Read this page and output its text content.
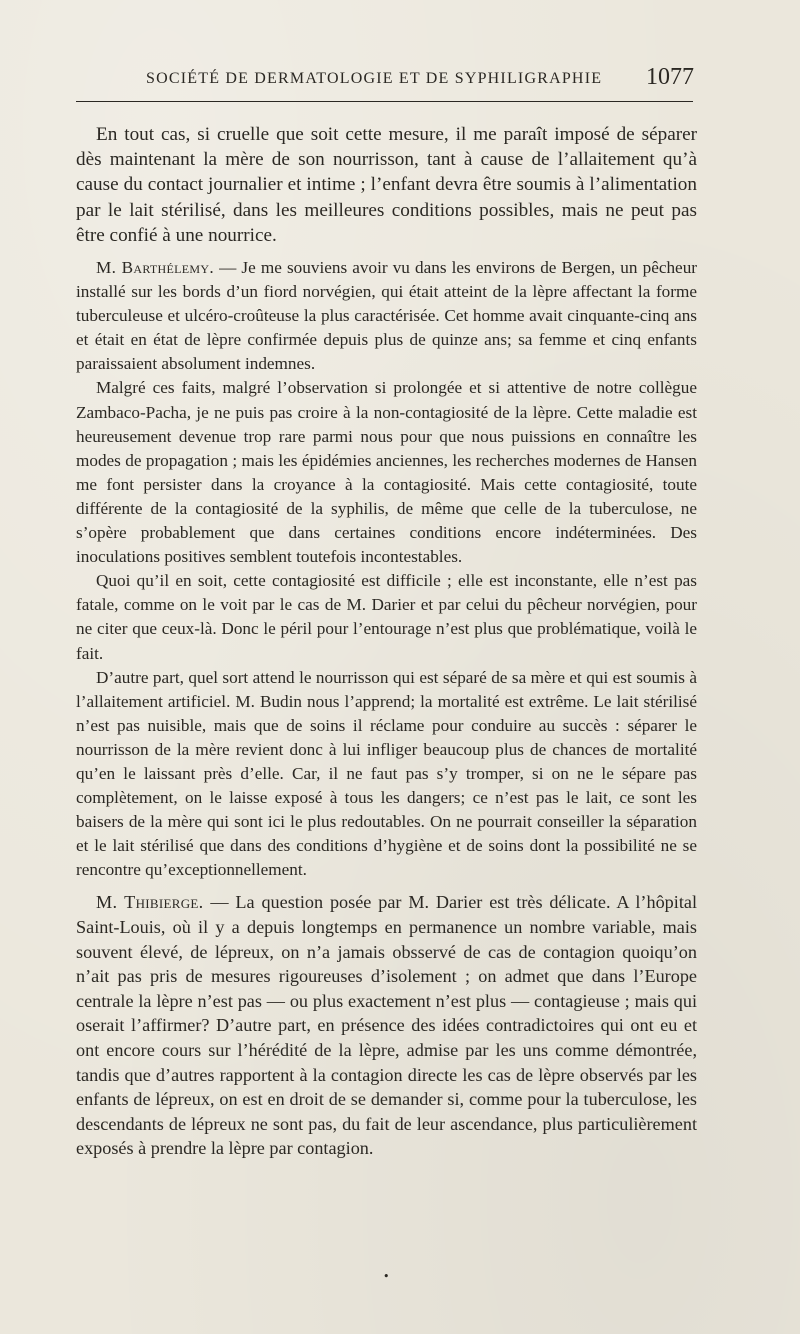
SOCIÉTÉ DE DERMATOLOGIE ET DE SYPHILIGRAPHIE 1077

En tout cas, si cruelle que soit cette mesure, il me paraît imposé de séparer dès maintenant la mère de son nourrisson, tant à cause de l’allaitement qu’à cause du contact journalier et intime ; l’enfant devra être soumis à l’alimentation par le lait stérilisé, dans les meilleures conditions possibles, mais ne peut pas être confié à une nourrice.

M. Barthélemy. — Je me souviens avoir vu dans les environs de Bergen, un pêcheur installé sur les bords d’un fiord norvégien, qui était atteint de la lèpre affectant la forme tuberculeuse et ulcéro-croûteuse la plus caractérisée. Cet homme avait cinquante-cinq ans et était en état de lèpre confirmée depuis plus de quinze ans; sa femme et cinq enfants paraissaient absolument indemnes.

Malgré ces faits, malgré l’observation si prolongée et si attentive de notre collègue Zambaco-Pacha, je ne puis pas croire à la non-contagiosité de la lèpre. Cette maladie est heureusement devenue trop rare parmi nous pour que nous puissions en connaître les modes de propagation ; mais les épidémies anciennes, les recherches modernes de Hansen me font persister dans la croyance à la contagiosité. Mais cette contagiosité, toute différente de la contagiosité de la syphilis, de même que celle de la tuberculose, ne s’opère probablement que dans certaines conditions encore indéterminées. Des inoculations positives semblent toutefois incontestables.

Quoi qu’il en soit, cette contagiosité est difficile ; elle est inconstante, elle n’est pas fatale, comme on le voit par le cas de M. Darier et par celui du pêcheur norvégien, pour ne citer que ceux-là. Donc le péril pour l’entourage n’est plus que problématique, voilà le fait.

D’autre part, quel sort attend le nourrisson qui est séparé de sa mère et qui est soumis à l’allaitement artificiel. M. Budin nous l’apprend; la mortalité est extrême. Le lait stérilisé n’est pas nuisible, mais que de soins il réclame pour conduire au succès : séparer le nourrisson de la mère revient donc à lui infliger beaucoup plus de chances de mortalité qu’en le laissant près d’elle. Car, il ne faut pas s’y tromper, si on ne le sépare pas complètement, on le laisse exposé à tous les dangers; ce n’est pas le lait, ce sont les baisers de la mère qui sont ici le plus redoutables. On ne pourrait conseiller la séparation et le lait stérilisé que dans des conditions d’hygiène et de soins dont la possibilité ne se rencontre qu’exceptionnellement.

M. Thibierge. — La question posée par M. Darier est très délicate. A l’hôpital Saint-Louis, où il y a depuis longtemps en permanence un nombre variable, mais souvent élevé, de lépreux, on n’a jamais obsservé de cas de contagion quoiqu’on n’ait pas pris de mesures rigoureuses d’isolement ; on admet que dans l’Europe centrale la lèpre n’est pas — ou plus exactement n’est plus — contagieuse ; mais qui oserait l’affirmer? D’autre part, en présence des idées contradictoires qui ont eu et ont encore cours sur l’hérédité de la lèpre, admise par les uns comme démontrée, tandis que d’autres rapportent à la contagion directe les cas de lèpre observés par les enfants de lépreux, on est en droit de se demander si, comme pour la tuberculose, les descendants de lépreux ne sont pas, du fait de leur ascendance, plus particulièrement exposés à prendre la lèpre par contagion.

•
